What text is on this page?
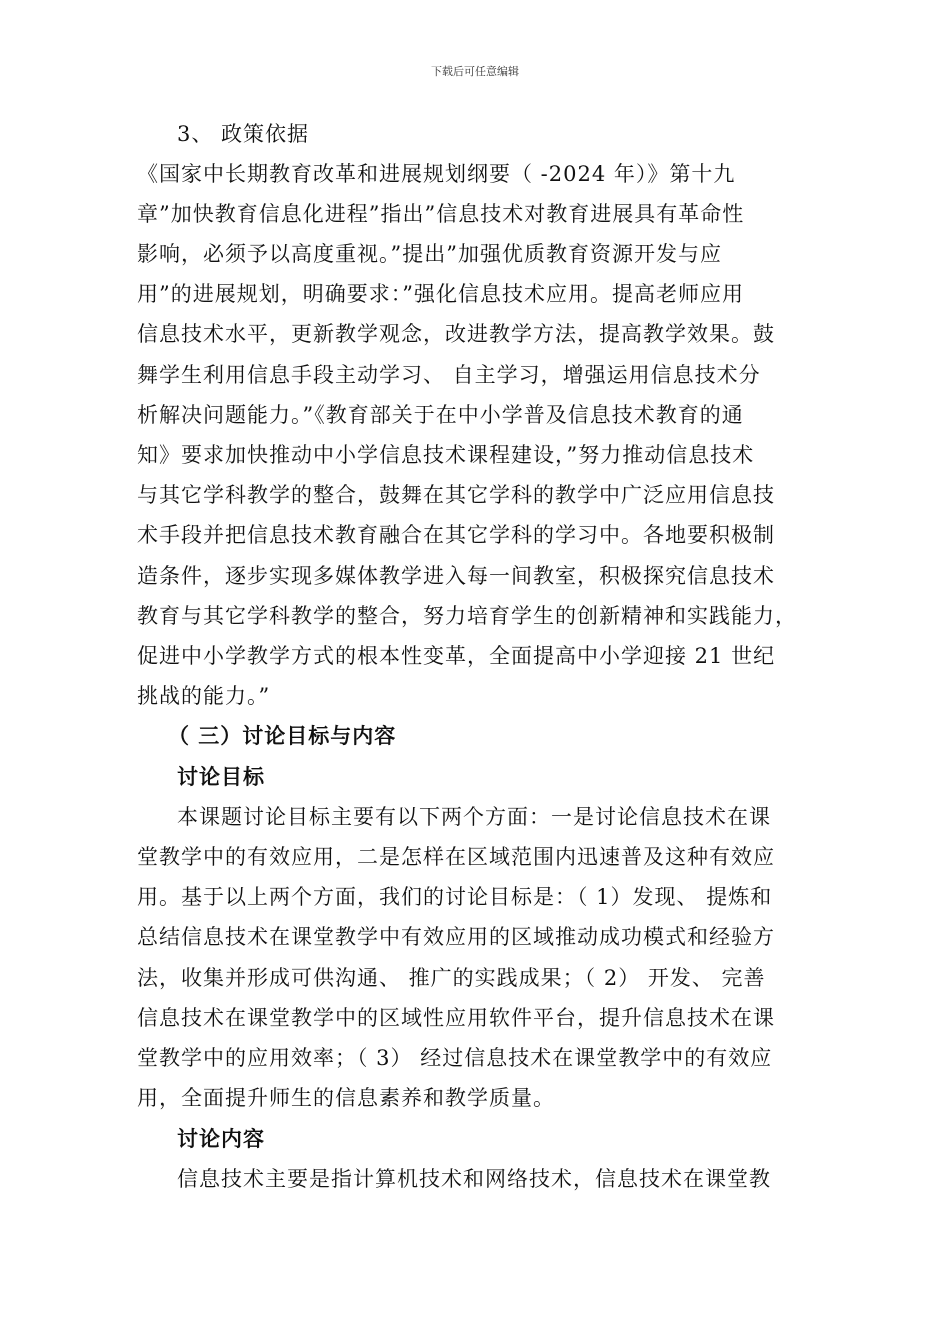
下载后可任意编辑
3、 政策依据
《国家中长期教育改革和进展规划纲要（ -2024 年）》第十九
章”加快教育信息化进程”指出”信息技术对教育进展具有革命性
影响，必须予以高度重视。”提出”加强优质教育资源开发与应
用”的进展规划，明确要求：”强化信息技术应用。提高老师应用
信息技术水平，更新教学观念，改进教学方法，提高教学效果。鼓
舞学生利用信息手段主动学习、 自主学习，增强运用信息技术分
析解决问题能力。”《教育部关于在中小学普及信息技术教育的通
知》要求加快推动中小学信息技术课程建设，”努力推动信息技术
与其它学科教学的整合，鼓舞在其它学科的教学中广泛应用信息技
术手段并把信息技术教育融合在其它学科的学习中。各地要积极制
造条件，逐步实现多媒体教学进入每一间教室，积极探究信息技术
教育与其它学科教学的整合，努力培育学生的创新精神和实践能力，
促进中小学教学方式的根本性变革，全面提高中小学迎接 21 世纪
挑战的能力。”
（ 三）讨论目标与内容
讨论目标
本课题讨论目标主要有以下两个方面：一是讨论信息技术在课
堂教学中的有效应用，二是怎样在区域范围内迅速普及这种有效应
用。基于以上两个方面，我们的讨论目标是：（ 1）发现、 提炼和
总结信息技术在课堂教学中有效应用的区域推动成功模式和经验方
法，收集并形成可供沟通、 推广的实践成果；（ 2） 开发、 完善
信息技术在课堂教学中的区域性应用软件平台，提升信息技术在课
堂教学中的应用效率；（ 3） 经过信息技术在课堂教学中的有效应
用，全面提升师生的信息素养和教学质量。
讨论内容
信息技术主要是指计算机技术和网络技术，信息技术在课堂教
